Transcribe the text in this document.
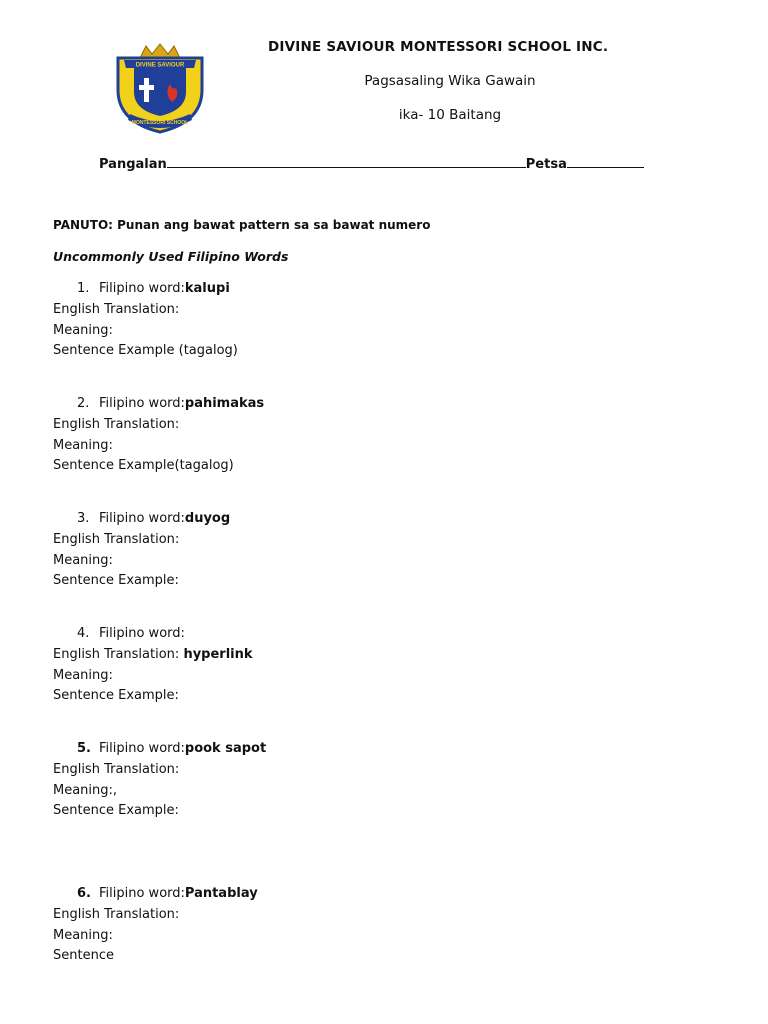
DIVINE SAVIOUR
MONTESSORI SCHOOL
DIVINE SAVIOUR MONTESSORI SCHOOL INC.
Pagsasaling Wika Gawain
ika- 10 Baitang
Pangalan	Petsa
PANUTO: Punan ang bawat pattern sa sa bawat numero
Uncommonly Used Filipino Words
1. Filipino word:kalupi
English Translation:
Meaning:
Sentence Example (tagalog)
2. Filipino word:pahimakas
English Translation:
Meaning:
Sentence Example(tagalog)
3. Filipino word:duyog
English Translation:
Meaning:
Sentence Example:
4. Filipino word:
English Translation: hyperlink
Meaning:
Sentence Example:
5. Filipino word:pook sapot
English Translation:
Meaning:,
Sentence Example:
6. Filipino word:Pantablay
English Translation:
Meaning:
Sentence
